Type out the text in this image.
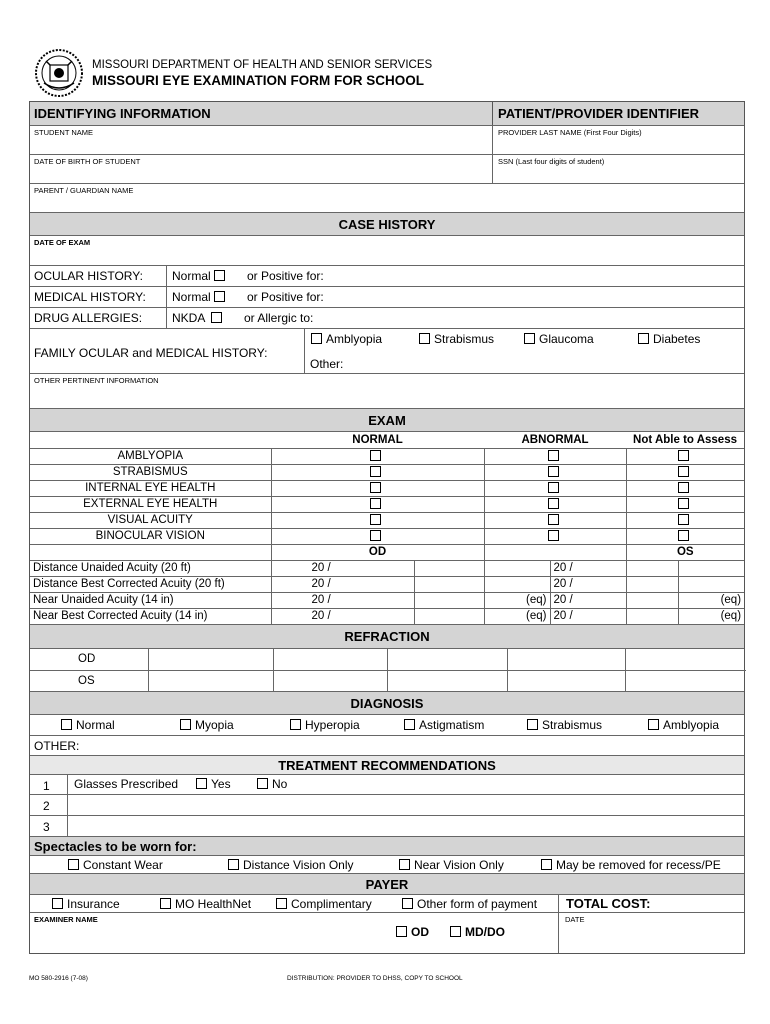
MISSOURI DEPARTMENT OF HEALTH AND SENIOR SERVICES
MISSOURI EYE EXAMINATION FORM FOR SCHOOL
IDENTIFYING INFORMATION	PATIENT/PROVIDER IDENTIFIER
STUDENT NAME	PROVIDER LAST NAME (First Four Digits)
DATE OF BIRTH OF STUDENT	SSN (Last four digits of student)
PARENT / GUARDIAN NAME
CASE HISTORY
DATE OF EXAM
OCULAR HISTORY: Normal	or Positive for:
MEDICAL HISTORY: Normal	or Positive for:
DRUG ALLERGIES: NKDA	or Allergic to:
FAMILY OCULAR and MEDICAL HISTORY:
Amblyopia	Strabismus	Glaucoma	Diabetes
Other:
OTHER PERTINENT INFORMATION
EXAM
	NORMAL		ABNORMAL		Not Able to Assess	
AMBLYOPIA						
STRABISMUS						
INTERNAL EYE HEALTH						
EXTERNAL EYE HEALTH						
VISUAL ACUITY						
BINOCULAR VISION						
	OD				OS	
Distance Unaided Acuity (20 ft)	20 /			20 /		
Distance Best Corrected Acuity (20 ft)	20 /			20 /		
Near Unaided Acuity (14 in)	20 /		(eq)	20 /		(eq)
Near Best Corrected Acuity (14 in)	20 /		(eq)	20 /		(eq)
REFRACTION
OD					
OS					
DIAGNOSIS
Normal	Myopia	Hyperopia	Astigmatism	Strabismus	Amblyopia
OTHER:
TREATMENT RECOMMENDATIONS
1 Glasses Prescribed	Yes	No
2
3
Spectacles to be worn for:
Constant Wear	Distance Vision Only	Near Vision Only	May be removed for recess/PE
PAYER
Insurance	MO HealthNet	Complimentary	Other form of payment TOTAL COST:
EXAMINER NAME
OD	MD/DO
DATE
MO 580-2916 (7-08)	DISTRIBUTION: PROVIDER TO DHSS, COPY TO SCHOOL
